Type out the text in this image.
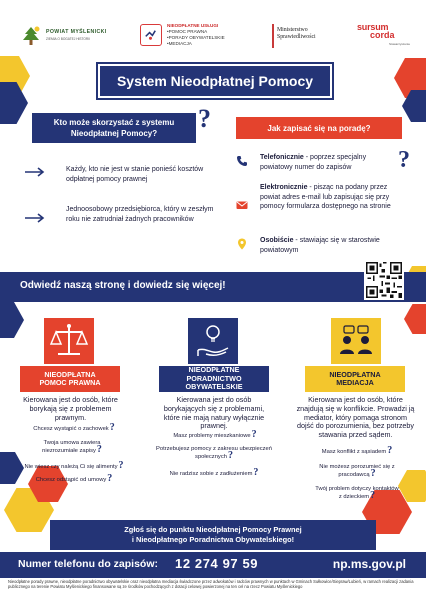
POWIAT MYŚLENICKI
ZIEMIA O BOGATEJ HISTORII
NIEODPŁATNE USŁUGI
•POMOC PRAWNA
•PORADY OBYWATELSKIE
•MEDIACJA
Ministerstwo
Sprawiedliwości
sursum
corda
Stowarzyszenie
System Nieodpłatnej Pomocy
Kto może skorzystać z systemu Nieodpłatnej Pomocy?
?
Każdy, kto nie jest w stanie ponieść kosztów odpłatnej pomocy prawnej
Jednoosobowy przedsiębiorca, który w zeszłym roku nie zatrudniał żadnych pracowników
Jak zapisać się na poradę?
Telefonicznie - poprzez specjalny powiatowy numer do zapisów	?
Elektronicznie - pisząc na podany przez powiat adres e-mail lub zapisując się przy pomocy formularza dostępnego na stronie
Osobiście - stawiając się w starostwie powiatowym
Odwiedź naszą stronę i dowiedz się więcej!
NIEODPŁATNA POMOC PRAWNA
Kierowana jest do osób, które borykają się z problemem prawnym.
Chcesz wystąpić o zachowek?
Twoja umowa zawiera niezrozumiałe zapisy?
Nie wiesz czy należą Ci się alimenty?
Chcesz odstąpić od umowy?
NIEODPŁATNE PORADNICTWO OBYWATELSKIE
Kierowana jest do osób borykających się z problemami, które nie mają natury wyłącznie prawnej.
Masz problemy mieszkaniowe?
Potrzebujesz pomocy z zakresu ubezpieczeń społecznych?
Nie radzisz sobie z zadłużeniem?
NIEODPŁATNA MEDIACJA
Kierowana jest do osób, które znajdują się w konflikcie. Prowadzi ją mediator, który pomaga stronom dojść do porozumienia, bez potrzeby stawania przed sądem.
Masz konflikt z sąsiadem?
Nie możesz porozumieć się z pracodawcą?
Twój problem dotyczy kontaktów z dzieckiem?
Zgłoś się do punktu Nieodpłatnej Pomocy Prawnej
i Nieodpłatnego Poradnictwa Obywatelskiego!
Numer telefonu do zapisów: 12 274 97 59	np.ms.gov.pl
Nieodpłatne porady prawne, nieodpłatne poradnictwo obywatelskie oraz nieodpłatna mediacja świadczone przez adwokatów i radców prawnych w punktach w Gminach Sułkowice/Siepraw/Lubień, w ramach realizacji zadania publicznego na terenie Powiatu Myślenickiego finansowane są ze środków pochodzących z dotacji celowej powierzonej na ten cel na rzecz Powiatu Myślenickiego
